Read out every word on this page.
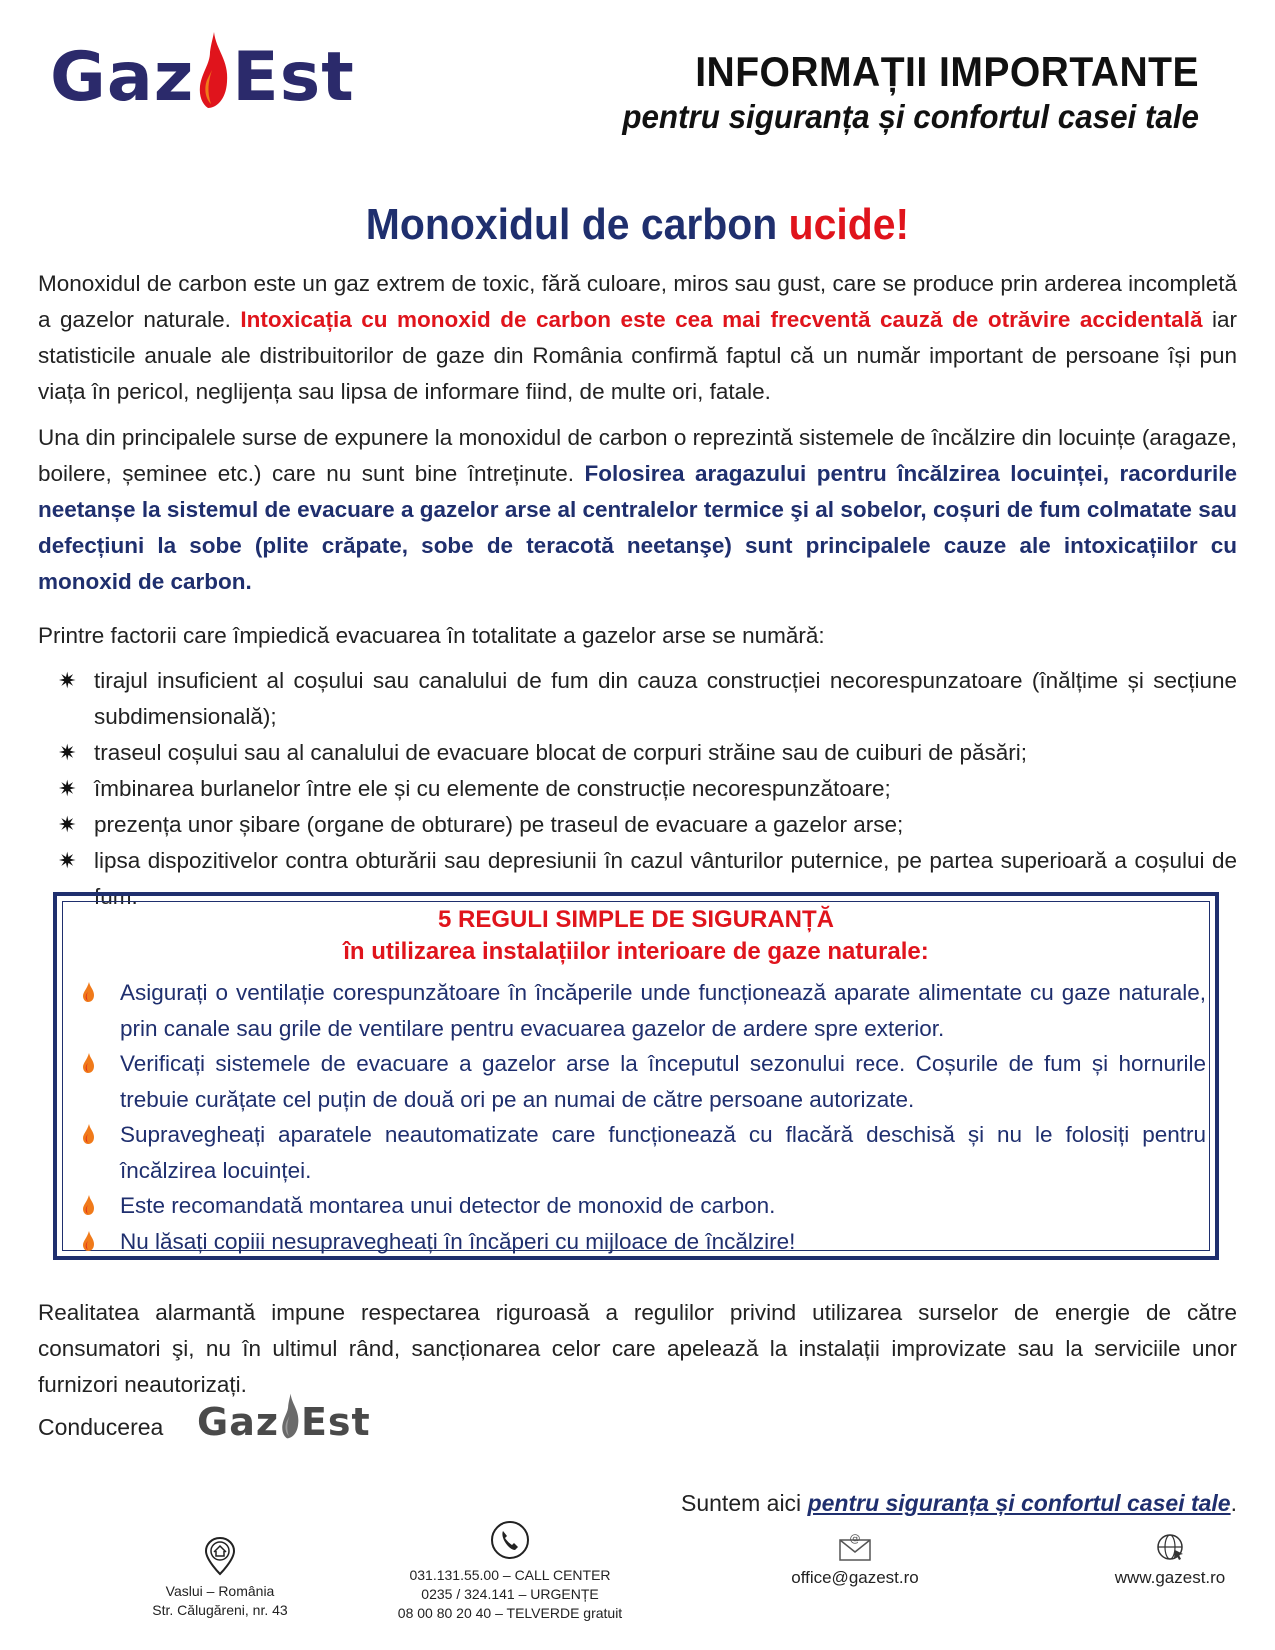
Gaz Est	INFORMAȚII IMPORTANTE
pentru siguranța și confortul casei tale
Monoxidul de carbon ucide!

Monoxidul de carbon este un gaz extrem de toxic, fără culoare, miros sau gust, care se produce prin arderea incompletă a gazelor naturale. Intoxicația cu monoxid de carbon este cea mai frecventă cauză de otrăvire accidentală iar statisticile anuale ale distribuitorilor de gaze din România confirmă faptul că un număr important de persoane își pun viața în pericol, neglijența sau lipsa de informare fiind, de multe ori, fatale.

Una din principalele surse de expunere la monoxidul de carbon o reprezintă sistemele de încălzire din locuințe (aragaze, boilere, șeminee etc.) care nu sunt bine întreținute. Folosirea aragazului pentru încălzirea locuinței, racordurile neetanșe la sistemul de evacuare a gazelor arse al centralelor termice şi al sobelor, coșuri de fum colmatate sau defecțiuni la sobe (plite crăpate, sobe de teracotă neetanşe) sunt principalele cauze ale intoxicațiilor cu monoxid de carbon.

Printre factorii care împiedică evacuarea în totalitate a gazelor arse se numără:

✷ tirajul insuficient al coșului sau canalului de fum din cauza construcției necorespunzatoare (înălțime și secțiune subdimensională);
✷ traseul coșului sau al canalului de evacuare blocat de corpuri străine sau de cuiburi de păsări;
✷ îmbinarea burlanelor între ele și cu elemente de construcție necorespunzătoare;
✷ prezența unor șibare (organe de obturare) pe traseul de evacuare a gazelor arse;
✷ lipsa dispozitivelor contra obturării sau depresiunii în cazul vânturilor puternice, pe partea superioară a coșului de fum.
5 REGULI SIMPLE DE SIGURANȚĂ
în utilizarea instalațiilor interioare de gaze naturale:
Asigurați o ventilație corespunzătoare în încăperile unde funcționează aparate alimentate cu gaze naturale, prin canale sau grile de ventilare pentru evacuarea gazelor de ardere spre exterior.
Verificați sistemele de evacuare a gazelor arse la începutul sezonului rece. Coșurile de fum și hornurile trebuie curățate cel puțin de două ori pe an numai de către persoane autorizate.
Supravegheați aparatele neautomatizate care funcționează cu flacără deschisă și nu le folosiți pentru încălzirea locuinței.
Este recomandată montarea unui detector de monoxid de carbon.
Nu lăsați copiii nesupravegheați în încăperi cu mijloace de încălzire!
Realitatea alarmantă impune respectarea riguroasă a regulilor privind utilizarea surselor de energie de către consumatori şi, nu în ultimul rând, sancționarea celor care apelează la instalații improvizate sau la serviciile unor furnizori neautorizați.
Conducerea Gaz Est
Suntem aici pentru siguranța și confortul casei tale.
Vaslui – România
Str. Călugăreni, nr. 43
031.131.55.00 – CALL CENTER
0235 / 324.141 – URGENȚE
08 00 80 20 40 – TELVERDE gratuit
@
office@gazest.ro	www.gazest.ro
